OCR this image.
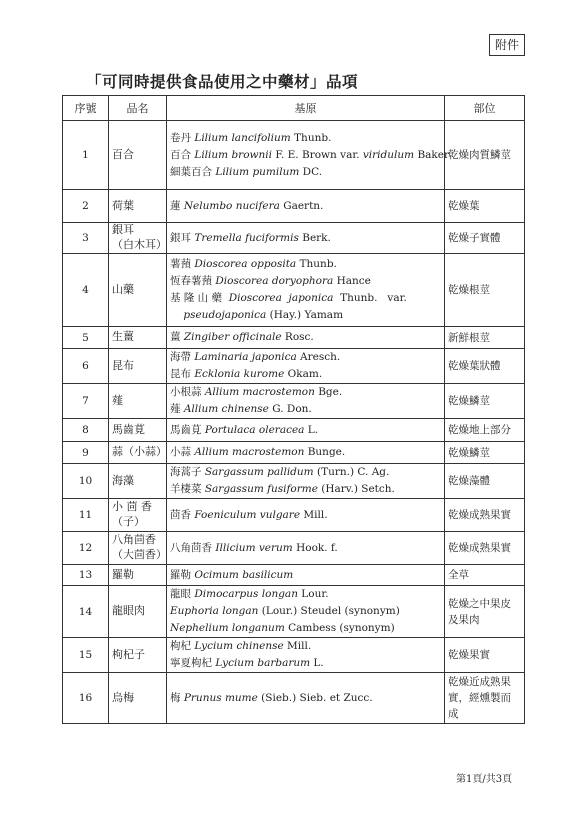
附件
「可同時提供食品使用之中藥材」品項
序號	品名	基原	部位
1	百合	卷丹 Lilium lancifolium Thunb.
百合 Lilium brownii F. E. Brown var. viridulum Baker
細葉百合 Lilium pumilum DC.	乾燥肉質鱗莖
2	荷葉	蓮 Nelumbo nucifera Gaertn.	乾燥葉
3	銀耳
（白木耳）	銀耳 Tremella fuciformis Berk.	乾燥子實體
4	山藥	薯蕷 Dioscorea opposita Thunb.
恆春薯蕷 Dioscorea doryophora Hance
基 隆 山 藥  Dioscorea  japonica  Thunb.   var.
pseudojaponica (Hay.) Yamam	乾燥根莖
5	生薑	薑 Zingiber officinale Rosc.	新鮮根莖
6	昆布	海帶 Laminaria japonica Aresch.
昆布 Ecklonia kurome Okam.	乾燥葉狀體
7	薤	小根蒜 Allium macrostemon Bge.
薤 Allium chinense G. Don.	乾燥鱗莖
8	馬齒莧	馬齒莧 Portulaca oleracea L.	乾燥地上部分
9	蒜（小蒜）	小蒜 Allium macrostemon Bunge.	乾燥鱗莖
10	海藻	海蒿子 Sargassum pallidum (Turn.) C. Ag.
羊棲菜 Sargassum fusiforme (Harv.) Setch.	乾燥藻體
11	小 茴 香
（子）	茴香 Foeniculum vulgare Mill.	乾燥成熟果實
12	八角茴香
（大茴香）	八角茴香 Illicium verum Hook. f.	乾燥成熟果實
13	羅勒	羅勒 Ocimum basilicum	全草
14	龍眼肉	龍眼 Dimocarpus longan Lour.
Euphoria longan (Lour.) Steudel (synonym)
Nephelium longanum Cambess (synonym)	乾燥之中果皮及果肉
15	枸杞子	枸杞 Lycium chinense Mill.
寧夏枸杞 Lycium barbarum L.	乾燥果實
16	烏梅	梅 Prunus mume (Sieb.) Sieb. et Zucc.	乾燥近成熟果實，經燻製而成
第1頁/共3頁
